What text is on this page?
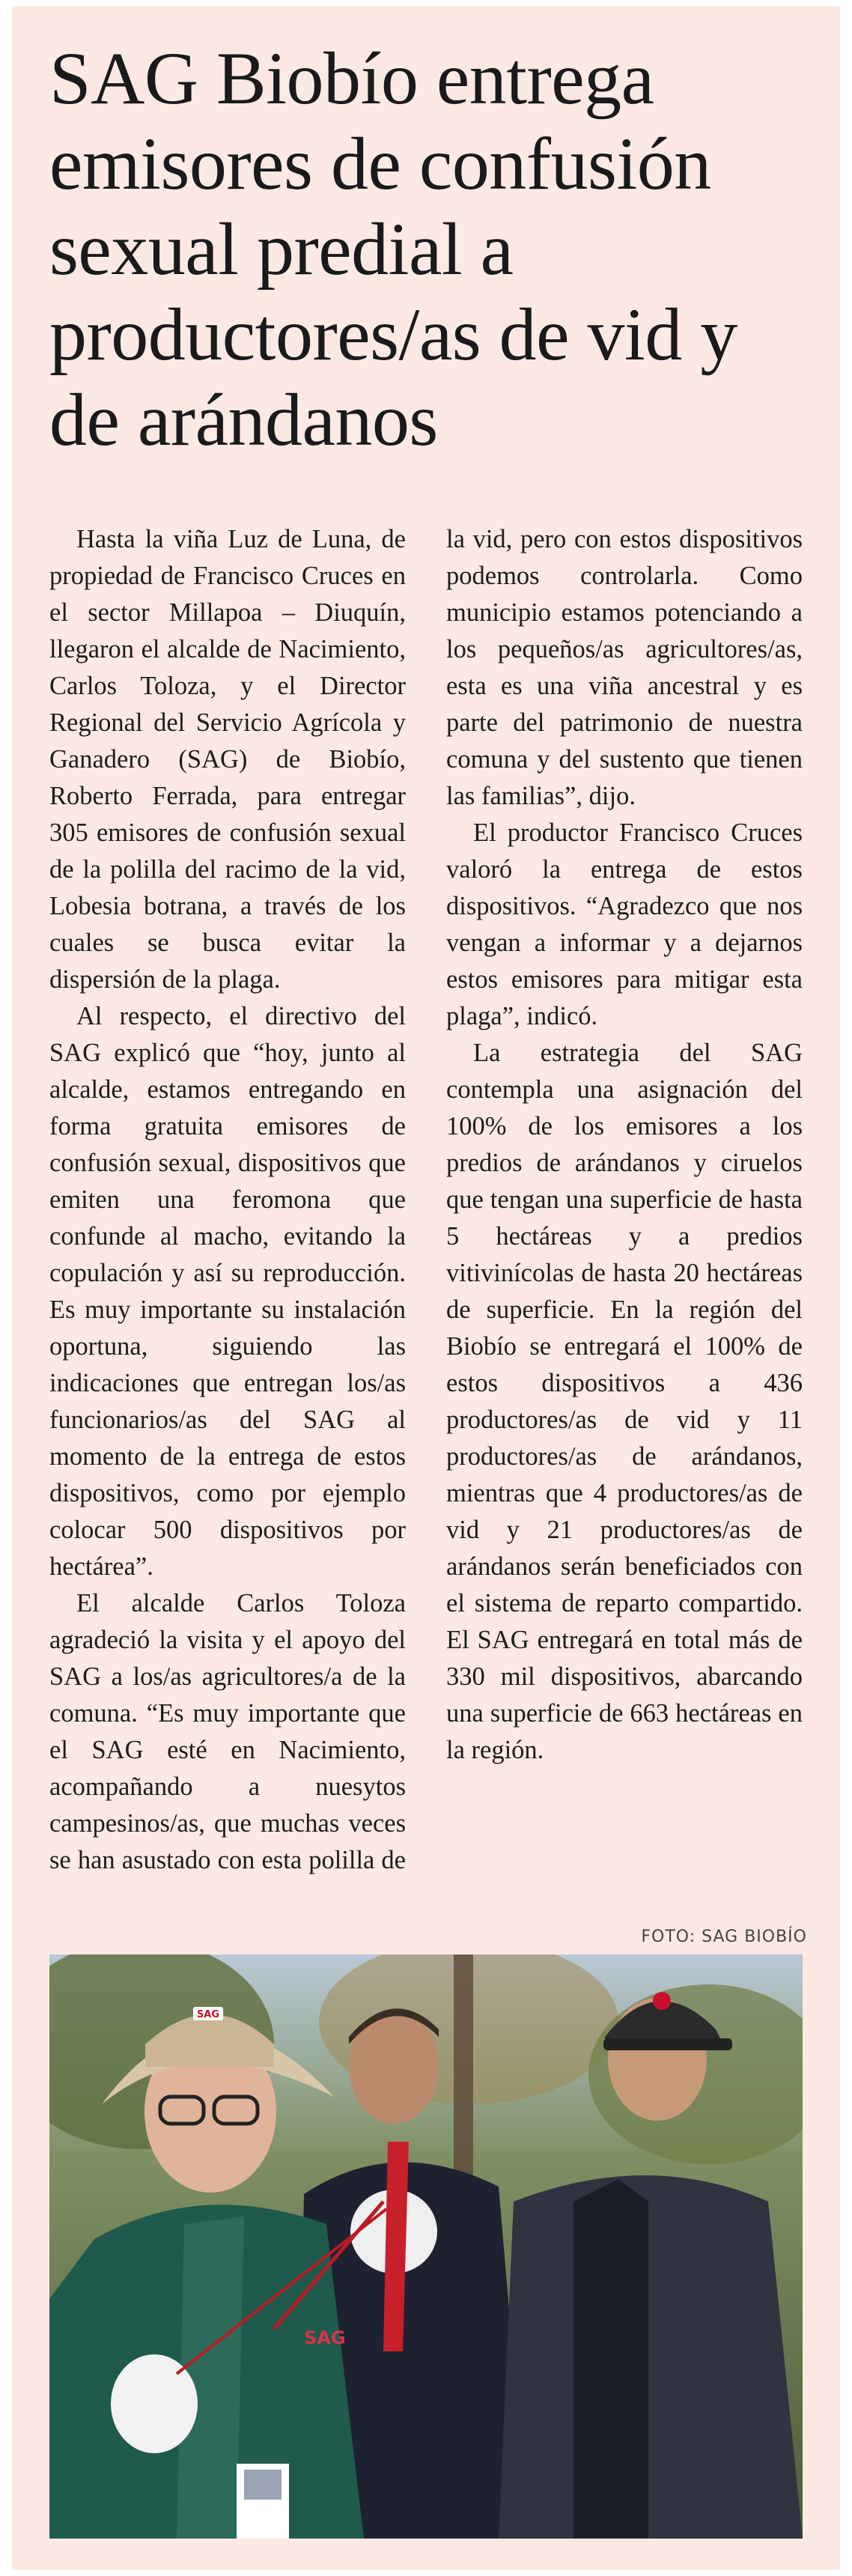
SAG Biobío entrega emisores de confusión sexual predial a productores/as de vid y de arándanos

Hasta la viña Luz de Luna, de propiedad de Francisco Cruces en el sector Millapoa – Diuquín, llegaron el alcalde de Nacimiento, Carlos Toloza, y el Director Regional del Servicio Agrícola y Ganadero (SAG) de Biobío, Roberto Ferrada, para entregar 305 emisores de confusión sexual de la polilla del racimo de la vid, Lobesia botrana, a través de los cuales se busca evitar la dispersión de la plaga.

Al respecto, el directivo del SAG explicó que “hoy, junto al alcalde, estamos entregando en forma gratuita emisores de confusión sexual, dispositivos que emiten una feromona que confunde al macho, evitando la copulación y así su reproducción. Es muy importante su instalación oportuna, siguiendo las indicaciones que entregan los/as funcionarios/as del SAG al momento de la entrega de estos dispositivos, como por ejemplo colocar 500 dispositivos por hectárea”.

El alcalde Carlos Toloza agradeció la visita y el apoyo del SAG a los/as agricultores/a de la comuna. “Es muy importante que el SAG esté en Nacimiento, acompañando a nuesytos campesinos/as, que muchas veces se han asustado con esta polilla de la vid, pero con estos dispositivos podemos controlarla. Como municipio estamos potenciando a los pequeños/as agricultores/as, esta es una viña ancestral y es parte del patrimonio de nuestra comuna y del sustento que tienen las familias”, dijo.

El productor Francisco Cruces valoró la entrega de estos dispositivos. “Agradezco que nos vengan a informar y a dejarnos estos emisores para mitigar esta plaga”, indicó.

La estrategia del SAG contempla una asignación del 100% de los emisores a los predios de arándanos y ciruelos que tengan una superficie de hasta 5 hectáreas y a predios vitivinícolas de hasta 20 hectáreas de superficie. En la región del Biobío se entregará el 100% de estos dispositivos a 436 productores/as de vid y 11 productores/as de arándanos, mientras que 4 productores/as de vid y 21 productores/as de arándanos serán beneficiados con el sistema de reparto compartido. El SAG entregará en total más de 330 mil dispositivos, abarcando una superficie de 663 hectáreas en la región.

FOTO: SAG BIOBÍO
SAG
SAG
